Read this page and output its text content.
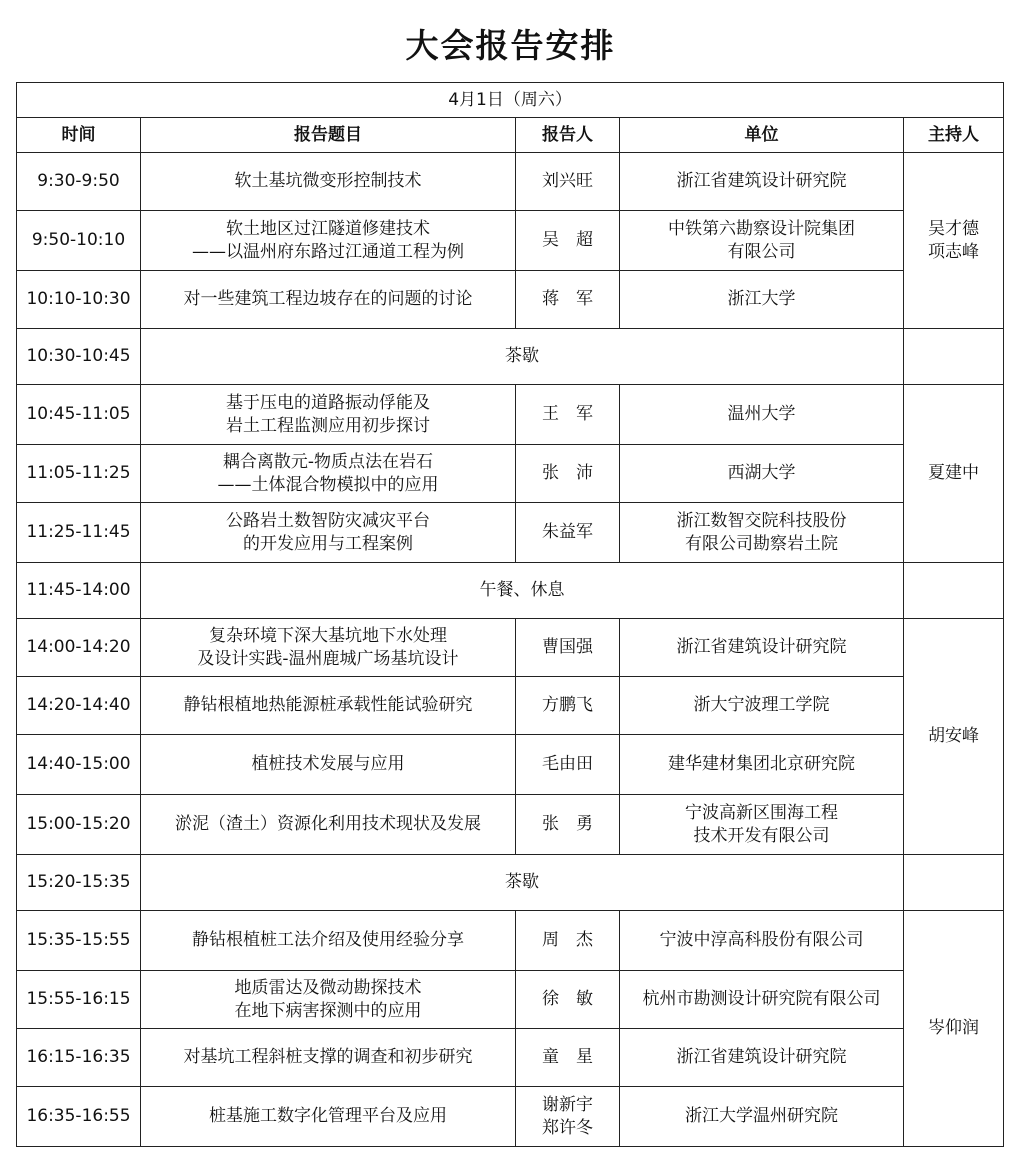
大会报告安排
4月1日（周六）				
时间	报告题目	报告人	单位	主持人
9:30-9:50	软土基坑微变形控制技术	刘兴旺	浙江省建筑设计研究院	吴才德
项志峰

9:50-10:10	软土地区过江隧道修建技术
——以温州府东路过江通道工程为例	吴　超	中铁第六勘察设计院集团
有限公司	

10:10-10:30	对一些建筑工程边坡存在的问题的讨论	蒋　军	浙江大学	

10:30-10:45	茶歇			
10:45-11:05	基于压电的道路振动俘能及
岩土工程监测应用初步探讨	王　军	温州大学	夏建中

11:05-11:25	耦合离散元-物质点法在岩石
——土体混合物模拟中的应用	张　沛	西湖大学	

11:25-11:45	公路岩土数智防灾减灾平台
的开发应用与工程案例	朱益军	浙江数智交院科技股份
有限公司勘察岩土院	

11:45-14:00	午餐、休息			
14:00-14:20	复杂环境下深大基坑地下水处理
及设计实践-温州鹿城广场基坑设计	曹国强	浙江省建筑设计研究院	胡安峰

14:20-14:40	静钻根植地热能源桩承载性能试验研究	方鹏飞	浙大宁波理工学院	

14:40-15:00	植桩技术发展与应用	毛由田	建华建材集团北京研究院	

15:00-15:20	淤泥（渣土）资源化利用技术现状及发展	张　勇	宁波高新区围海工程
技术开发有限公司	

15:20-15:35	茶歇			
15:35-15:55	静钻根植桩工法介绍及使用经验分享	周　杰	宁波中淳高科股份有限公司	岑仰润

15:55-16:15	地质雷达及微动勘探技术
在地下病害探测中的应用	徐　敏	杭州市勘测设计研究院有限公司	

16:15-16:35	对基坑工程斜桩支撑的调查和初步研究	童　星	浙江省建筑设计研究院	

16:35-16:55	桩基施工数字化管理平台及应用	谢新宇
郑许冬	浙江大学温州研究院	
